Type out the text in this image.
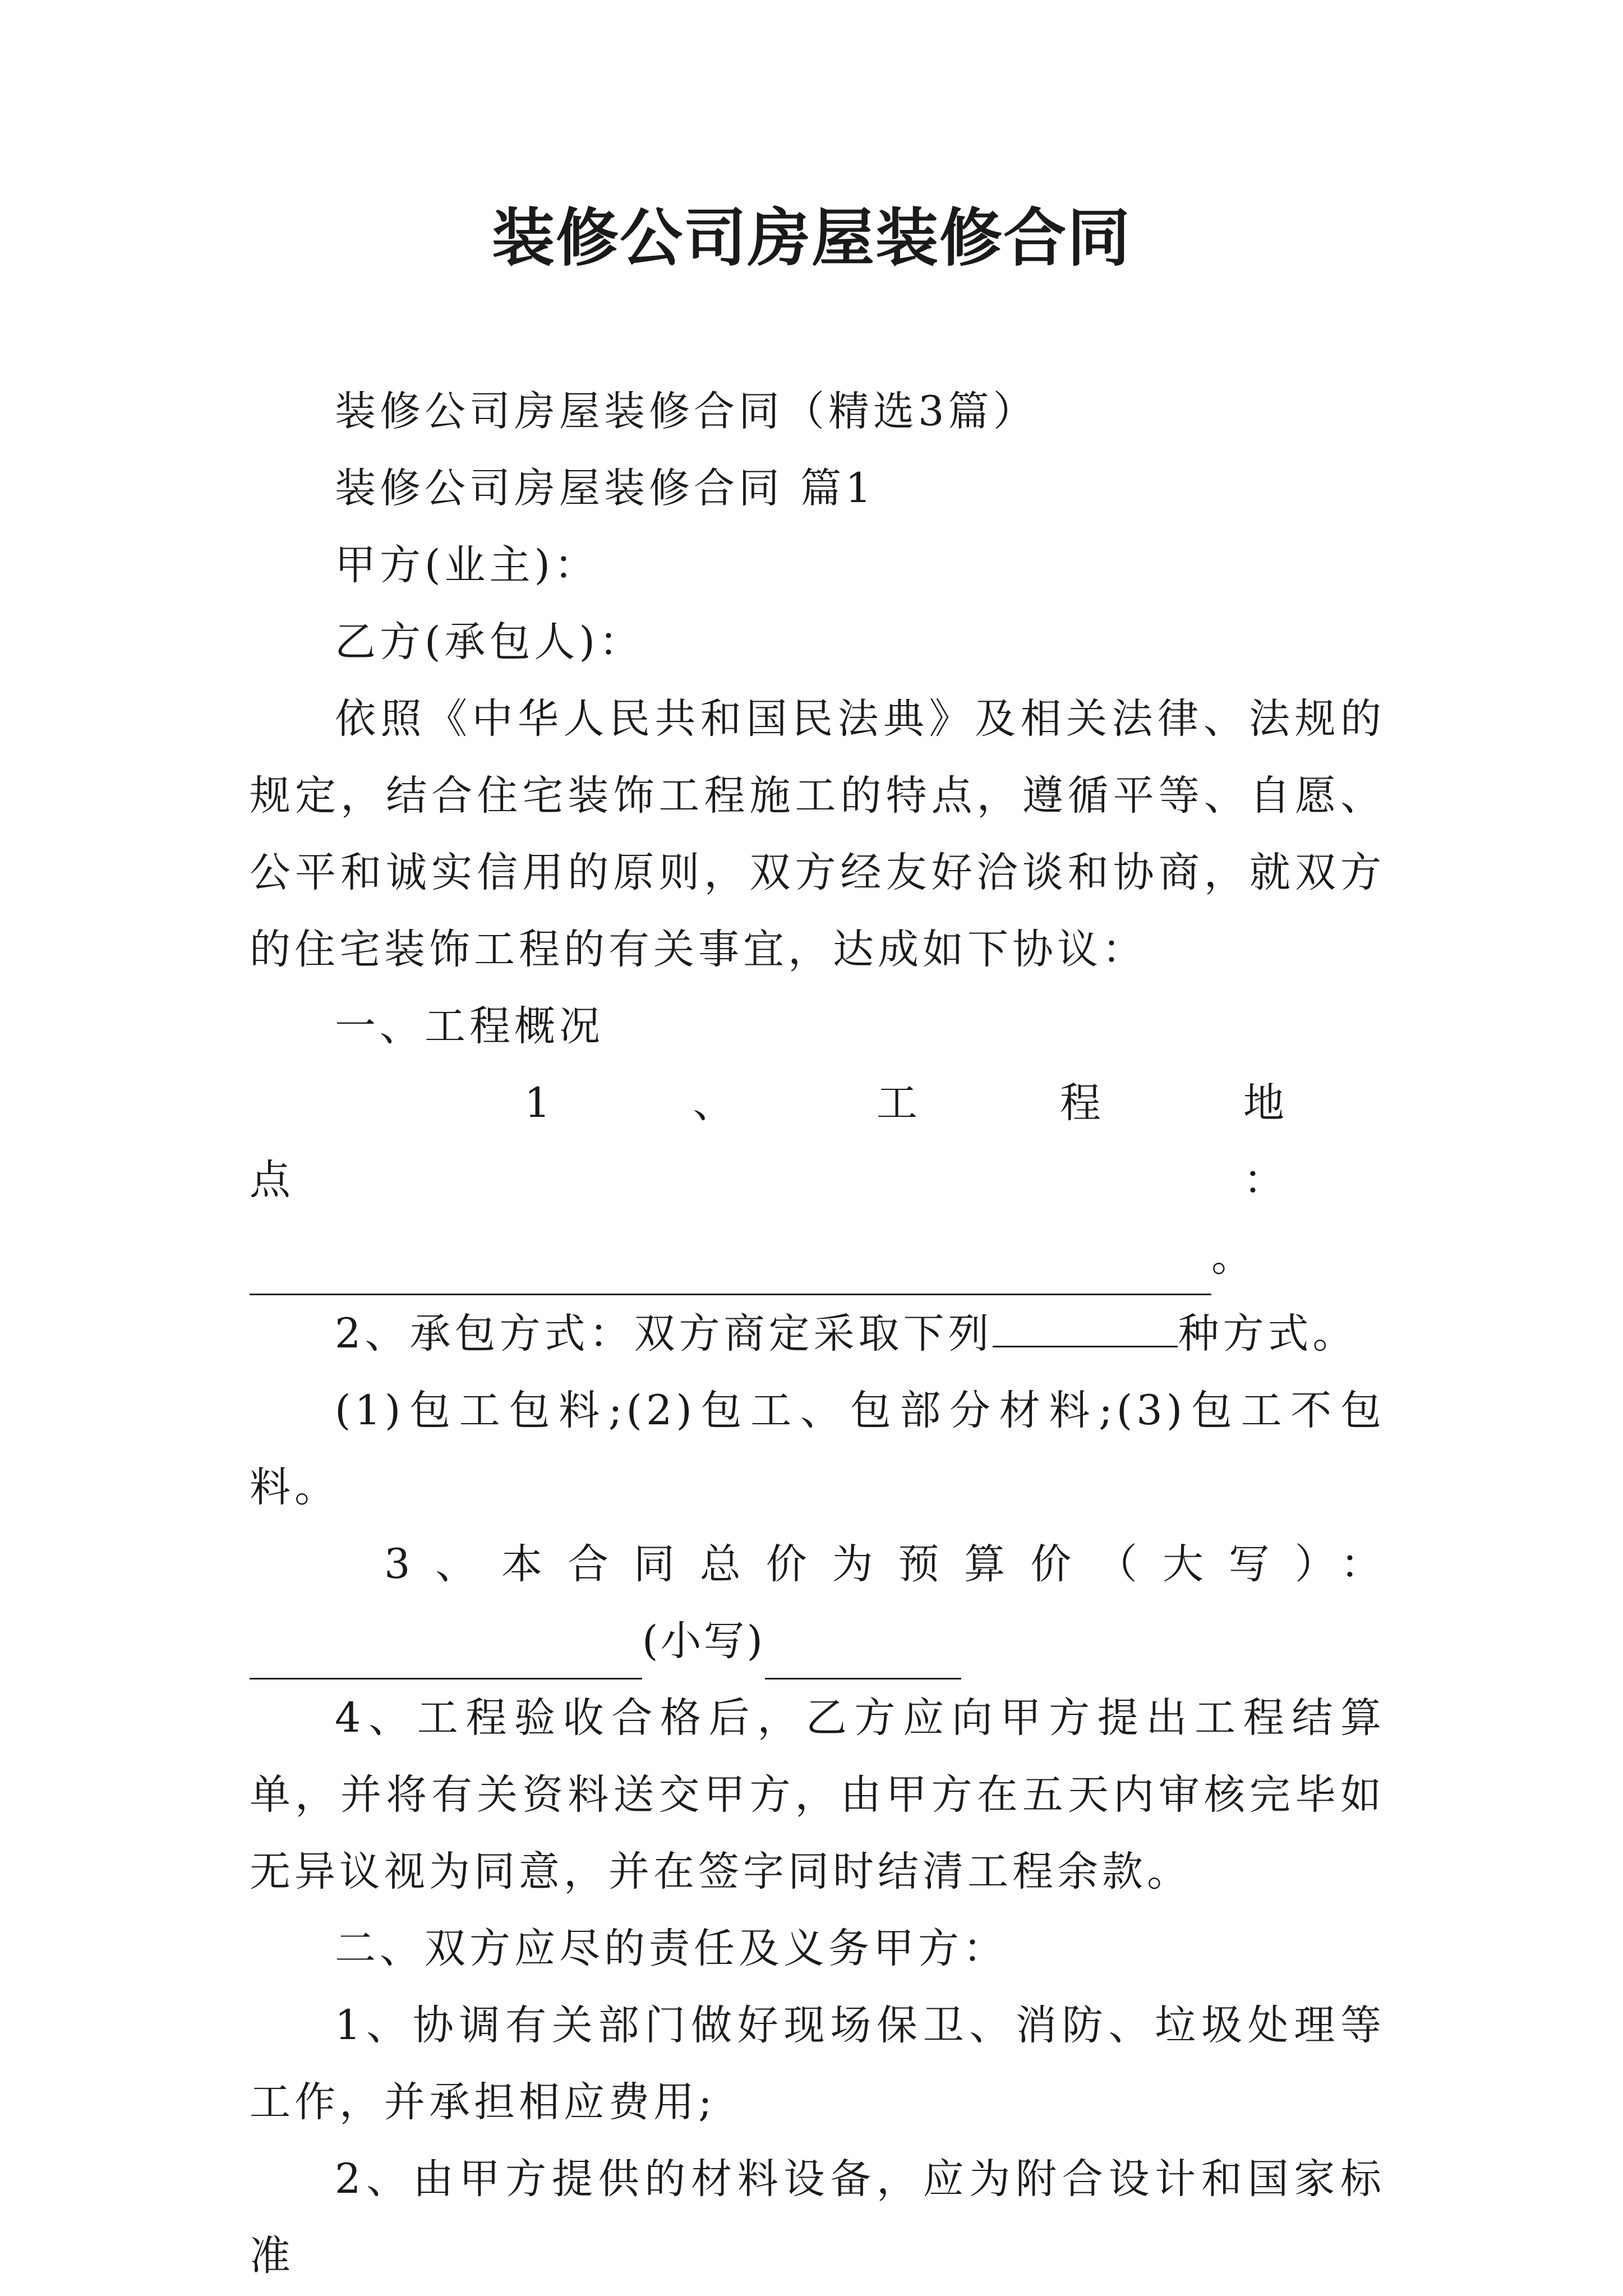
装修公司房屋装修合同

装修公司房屋装修合同（精选3篇）

装修公司房屋装修合同 篇1

甲方(业主)：

乙方(承包人)：

依照《中华人民共和国民法典》及相关法律、法规的规定，结合住宅装饰工程施工的特点，遵循平等、自愿、公平和诚实信用的原则，双方经友好洽谈和协商，就双方的住宅装饰工程的有关事宜，达成如下协议：

一、工程概况

1、工程地点：

。

2、承包方式：双方商定采取下列	种方式。

(1)包工包料;(2)包工、包部分材料;(3)包工不包料。

3、本合同总价为预算价（大写）：

(小写)

4、工程验收合格后，乙方应向甲方提出工程结算单，并将有关资料送交甲方，由甲方在五天内审核完毕如无异议视为同意，并在签字同时结清工程余款。

二、双方应尽的责任及义务甲方：

1、协调有关部门做好现场保卫、消防、垃圾处理等工作，并承担相应费用;

2、由甲方提供的材料设备，应为附合设计和国家标准
